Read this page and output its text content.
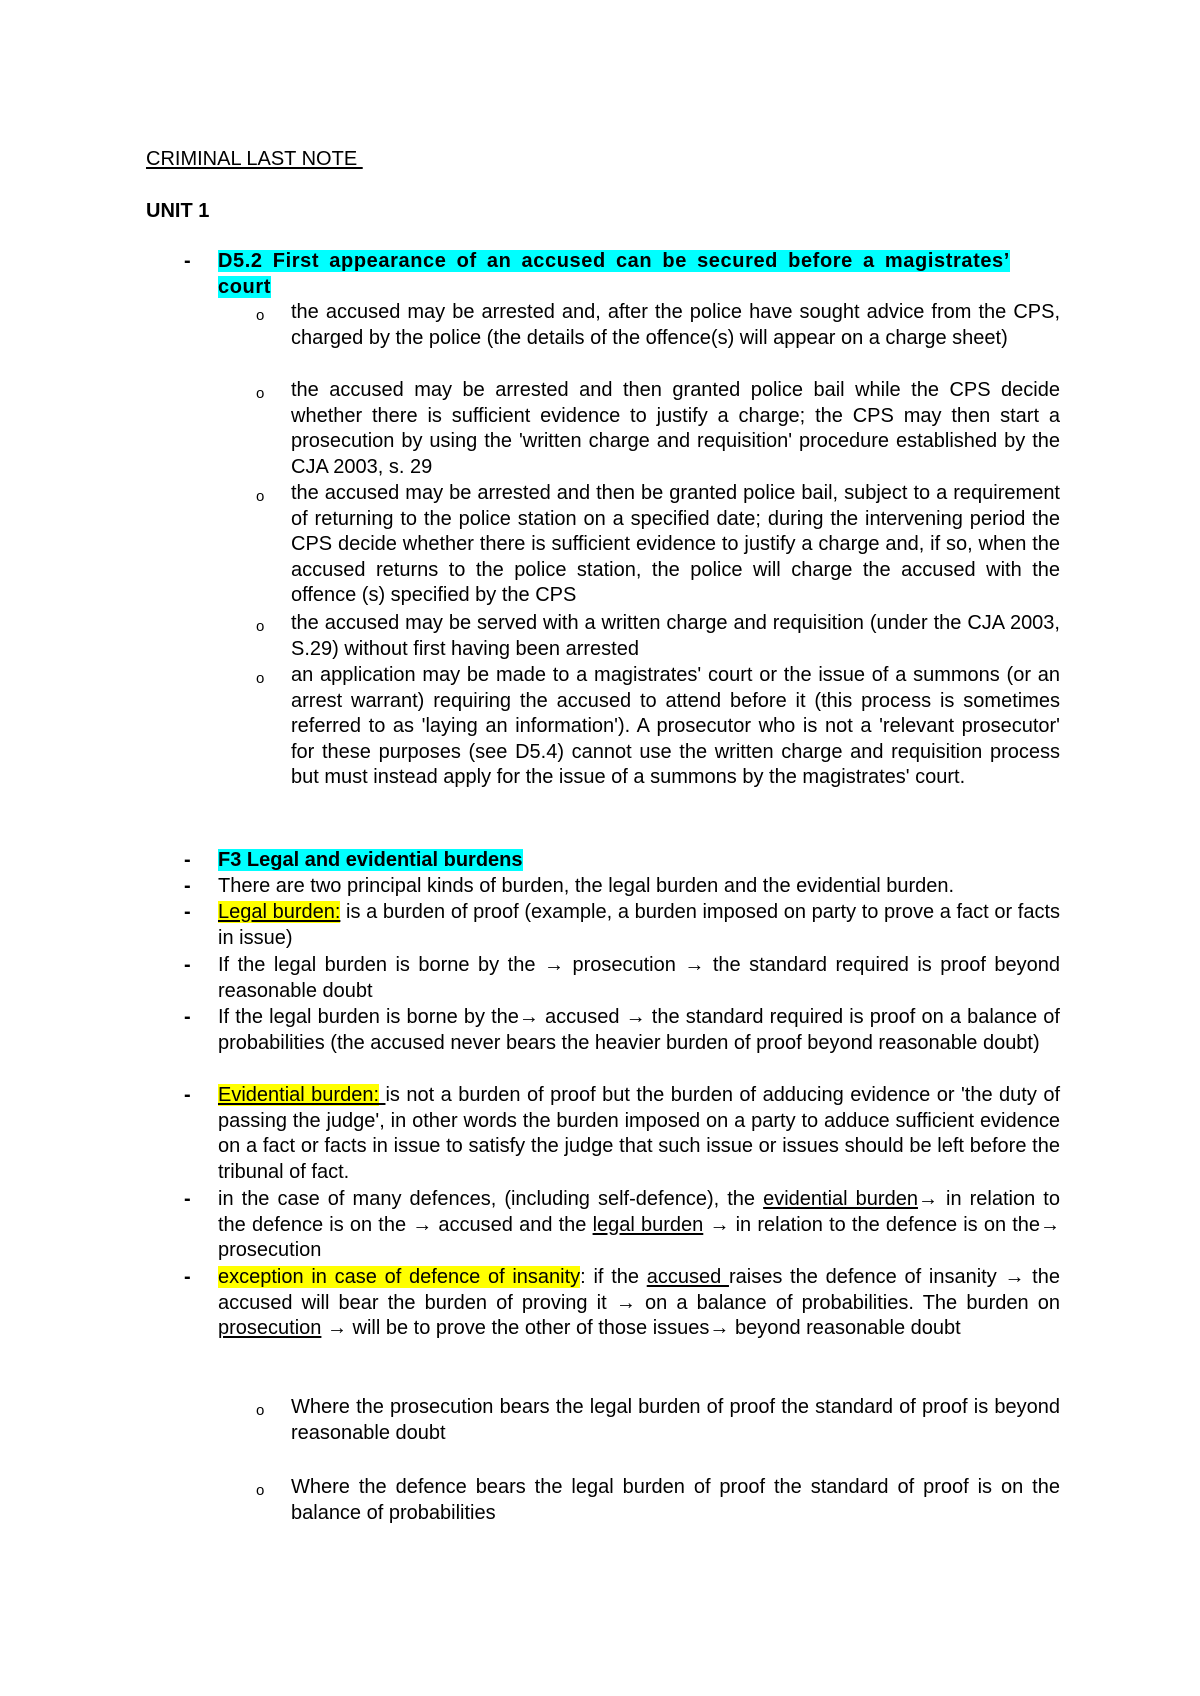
CRIMINAL LAST NOTE
UNIT 1
-	D5.2 First appearance of an accused can be secured before a magistrates’
court
o the accused may be arrested and, after the police have sought advice from the CPS, charged by the police (the details of the offence(s) will appear on a charge sheet)
o the accused may be arrested and then granted police bail while the CPS decide whether there is sufficient evidence to justify a charge; the CPS may then start a prosecution by using the 'written charge and requisition' procedure established by the CJA 2003, s. 29
o the accused may be arrested and then be granted police bail, subject to a requirement of returning to the police station on a specified date; during the intervening period the CPS decide whether there is sufficient evidence to justify a charge and, if so, when the accused returns to the police station, the police will charge the accused with the offence (s) specified by the CPS
o the accused may be served with a written charge and requisition (under the CJA 2003, S.29) without first having been arrested
o an application may be made to a magistrates' court or the issue of a summons (or an arrest warrant) requiring the accused to attend before it (this process is sometimes referred to as 'laying an information'). A prosecutor who is not a 'relevant prosecutor' for these purposes (see D5.4) cannot use the written charge and requisition process but must instead apply for the issue of a summons by the magistrates' court.
-	F3 Legal and evidential burdens
-	There are two principal kinds of burden, the legal burden and the evidential burden.
-	Legal burden: is a burden of proof (example, a burden imposed on party to prove a fact or facts in issue)
-	If the legal burden is borne by the → prosecution → the standard required is proof beyond reasonable doubt
-	If the legal burden is borne by the→ accused → the standard required is proof on a balance of probabilities (the accused never bears the heavier burden of proof beyond reasonable doubt)
-	Evidential burden: is not a burden of proof but the burden of adducing evidence or 'the duty of passing the judge', in other words the burden imposed on a party to adduce sufficient evidence on a fact or facts in issue to satisfy the judge that such issue or issues should be left before the tribunal of fact.
-	in the case of many defences, (including self-defence), the evidential burden→ in relation to the defence is on the → accused and the legal burden → in relation to the defence is on the→ prosecution
-	exception in case of defence of insanity: if the accused raises the defence of insanity → the accused will bear the burden of proving it → on a balance of probabilities. The burden on prosecution → will be to prove the other of those issues→ beyond reasonable doubt
o Where the prosecution bears the legal burden of proof the standard of proof is beyond reasonable doubt
o Where the defence bears the legal burden of proof the standard of proof is on the balance of probabilities
